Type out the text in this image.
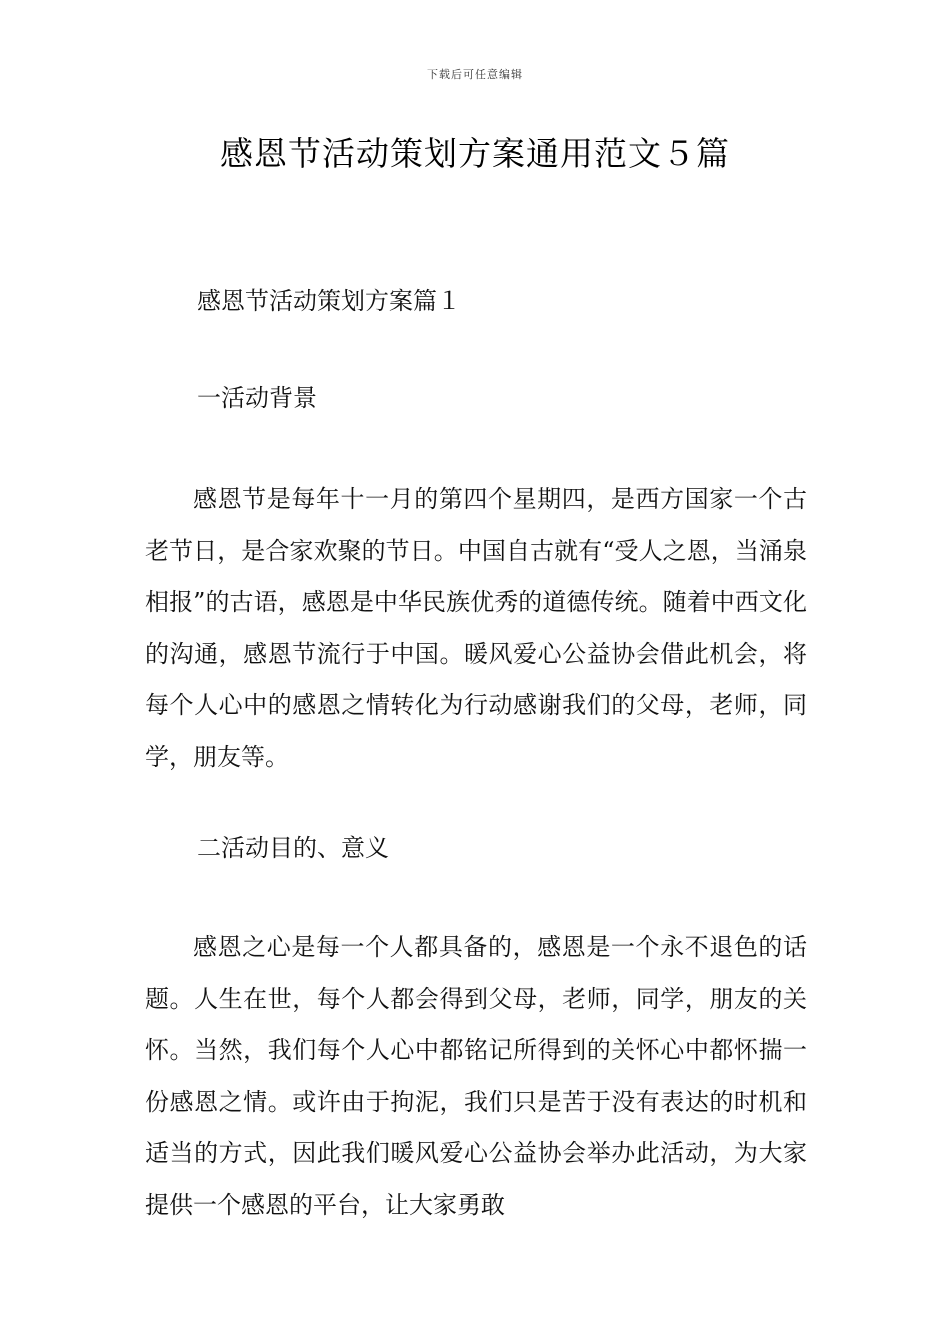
下载后可任意编辑
感恩节活动策划方案通用范文５篇

感恩节活动策划方案篇１

一活动背景

感恩节是每年十一月的第四个星期四，是西方国家一个古老节日，是合家欢聚的节日。中国自古就有“受人之恩，当涌泉相报”的古语，感恩是中华民族优秀的道德传统。随着中西文化的沟通，感恩节流行于中国。暖风爱心公益协会借此机会，将每个人心中的感恩之情转化为行动感谢我们的父母，老师，同学，朋友等。

二活动目的、意义

感恩之心是每一个人都具备的，感恩是一个永不退色的话题。人生在世，每个人都会得到父母，老师，同学，朋友的关怀。当然，我们每个人心中都铭记所得到的关怀心中都怀揣一份感恩之情。或许由于拘泥，我们只是苦于没有表达的时机和适当的方式，因此我们暖风爱心公益协会举办此活动，为大家提供一个感恩的平台，让大家勇敢
